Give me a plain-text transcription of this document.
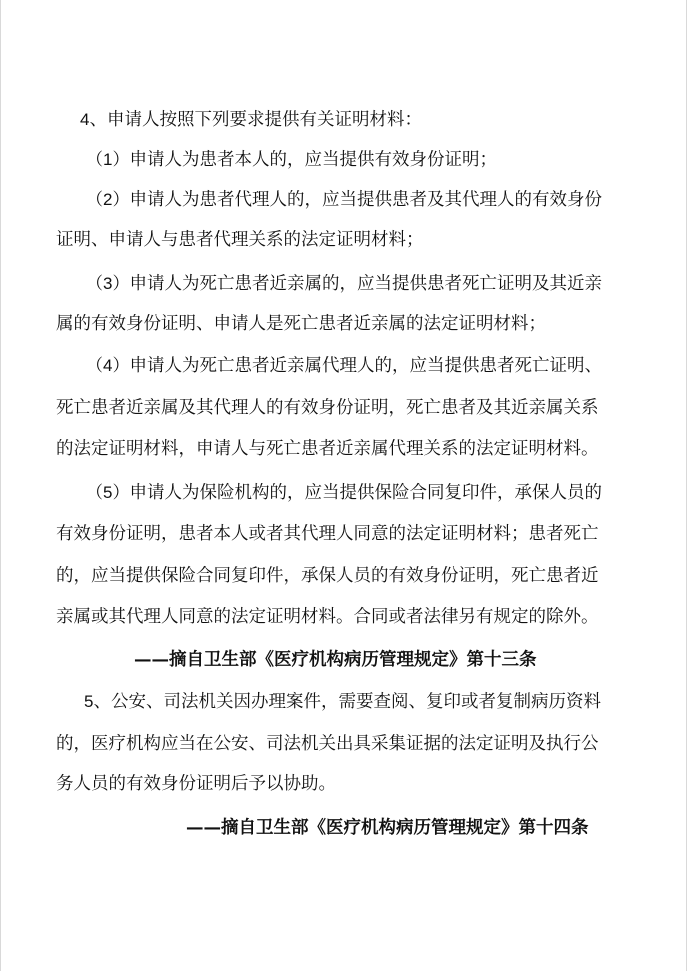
4、申请人按照下列要求提供有关证明材料：
（1）申请人为患者本人的，应当提供有效身份证明；
（2）申请人为患者代理人的，应当提供患者及其代理人的有效身份
证明、申请人与患者代理关系的法定证明材料；
（3）申请人为死亡患者近亲属的，应当提供患者死亡证明及其近亲
属的有效身份证明、申请人是死亡患者近亲属的法定证明材料；
（4）申请人为死亡患者近亲属代理人的，应当提供患者死亡证明、
死亡患者近亲属及其代理人的有效身份证明，死亡患者及其近亲属关系
的法定证明材料，申请人与死亡患者近亲属代理关系的法定证明材料。
（5）申请人为保险机构的，应当提供保险合同复印件，承保人员的
有效身份证明，患者本人或者其代理人同意的法定证明材料；患者死亡
的，应当提供保险合同复印件，承保人员的有效身份证明，死亡患者近
亲属或其代理人同意的法定证明材料。合同或者法律另有规定的除外。
——摘自卫生部《医疗机构病历管理规定》第十三条
5、公安、司法机关因办理案件，需要查阅、复印或者复制病历资料
的，医疗机构应当在公安、司法机关出具采集证据的法定证明及执行公
务人员的有效身份证明后予以协助。
——摘自卫生部《医疗机构病历管理规定》第十四条
